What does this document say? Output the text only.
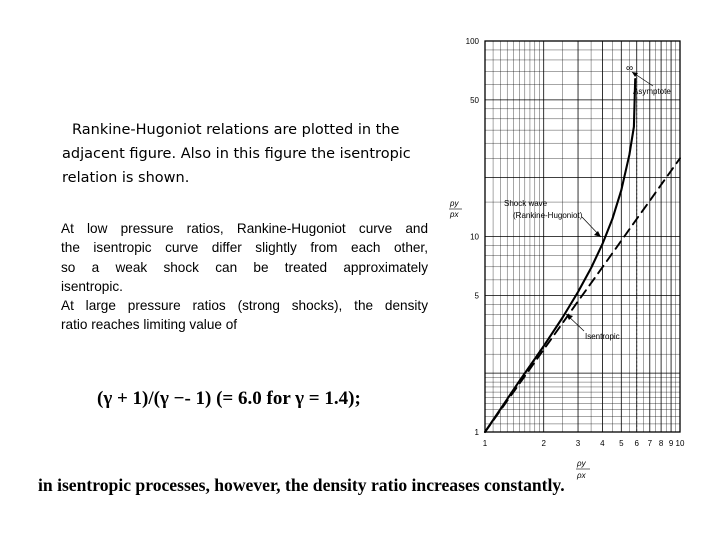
Rankine-Hugoniot relations are plotted in the
adjacent figure. Also in this figure the isentropic
relation is shown.

At low pressure ratios, Rankine-Hugoniot curve and

the isentropic curve differ slightly from each other,

so a weak shock can be treated approximately

isentropic.

At large pressure ratios (strong shocks), the density

ratio reaches limiting value of

(γ + 1)/(γ −- 1) (= 6.0 for γ = 1.4);
in isentropic processes, however, the density ratio increases constantly.
1	2	3 4 5 6 7 8 9 10
1
5
10
50
100
py
px
ρy
ρx
∞
Asymptote
Shock wave
(Rankine-Hugoniot)
Isentropic
